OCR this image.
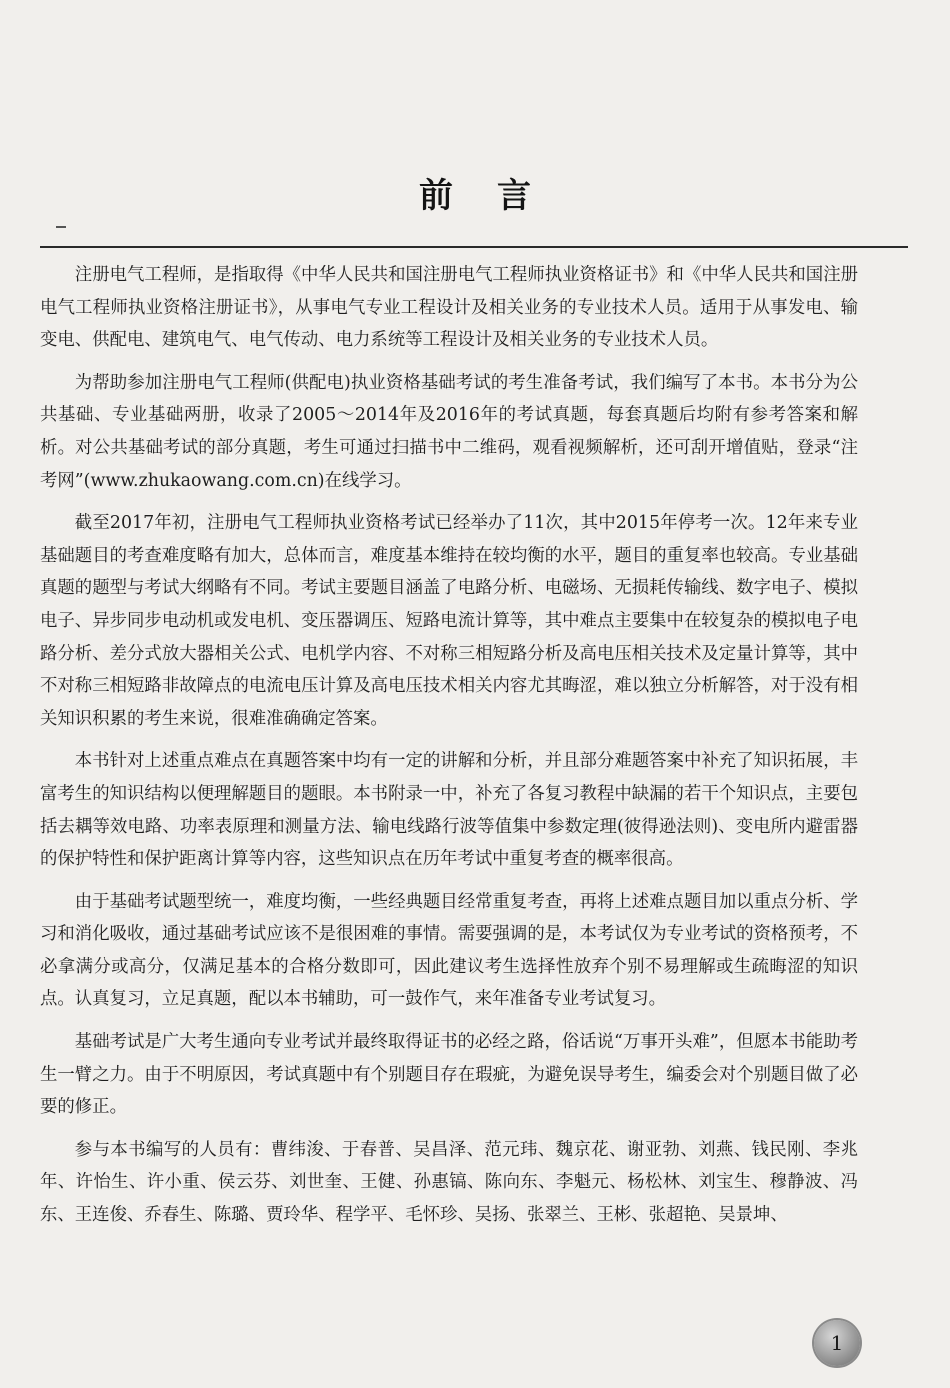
前言

注册电气工程师，是指取得《中华人民共和国注册电气工程师执业资格证书》和《中华人民共和国注册电气工程师执业资格注册证书》，从事电气专业工程设计及相关业务的专业技术人员。适用于从事发电、输变电、供配电、建筑电气、电气传动、电力系统等工程设计及相关业务的专业技术人员。

为帮助参加注册电气工程师(供配电)执业资格基础考试的考生准备考试，我们编写了本书。本书分为公共基础、专业基础两册，收录了2005～2014年及2016年的考试真题，每套真题后均附有参考答案和解析。对公共基础考试的部分真题，考生可通过扫描书中二维码，观看视频解析，还可刮开增值贴，登录“注考网”(www.zhukaowang.com.cn)在线学习。

截至2017年初，注册电气工程师执业资格考试已经举办了11次，其中2015年停考一次。12年来专业基础题目的考查难度略有加大，总体而言，难度基本维持在较均衡的水平，题目的重复率也较高。专业基础真题的题型与考试大纲略有不同。考试主要题目涵盖了电路分析、电磁场、无损耗传输线、数字电子、模拟电子、异步同步电动机或发电机、变压器调压、短路电流计算等，其中难点主要集中在较复杂的模拟电子电路分析、差分式放大器相关公式、电机学内容、不对称三相短路分析及高电压相关技术及定量计算等，其中不对称三相短路非故障点的电流电压计算及高电压技术相关内容尤其晦涩，难以独立分析解答，对于没有相关知识积累的考生来说，很难准确确定答案。

本书针对上述重点难点在真题答案中均有一定的讲解和分析，并且部分难题答案中补充了知识拓展，丰富考生的知识结构以便理解题目的题眼。本书附录一中，补充了各复习教程中缺漏的若干个知识点，主要包括去耦等效电路、功率表原理和测量方法、输电线路行波等值集中参数定理(彼得逊法则)、变电所内避雷器的保护特性和保护距离计算等内容，这些知识点在历年考试中重复考查的概率很高。

由于基础考试题型统一，难度均衡，一些经典题目经常重复考查，再将上述难点题目加以重点分析、学习和消化吸收，通过基础考试应该不是很困难的事情。需要强调的是，本考试仅为专业考试的资格预考，不必拿满分或高分，仅满足基本的合格分数即可，因此建议考生选择性放弃个别不易理解或生疏晦涩的知识点。认真复习，立足真题，配以本书辅助，可一鼓作气，来年准备专业考试复习。

基础考试是广大考生通向专业考试并最终取得证书的必经之路，俗话说“万事开头难”，但愿本书能助考生一臂之力。由于不明原因，考试真题中有个别题目存在瑕疵，为避免误导考生，编委会对个别题目做了必要的修正。

参与本书编写的人员有：曹纬浚、于春普、吴昌泽、范元玮、魏京花、谢亚勃、刘燕、钱民刚、李兆年、许怡生、许小重、侯云芬、刘世奎、王健、孙惠镐、陈向东、李魁元、杨松林、刘宝生、穆静波、冯东、王连俊、乔春生、陈璐、贾玲华、程学平、毛怀珍、吴扬、张翠兰、王彬、张超艳、吴景坤、

1
